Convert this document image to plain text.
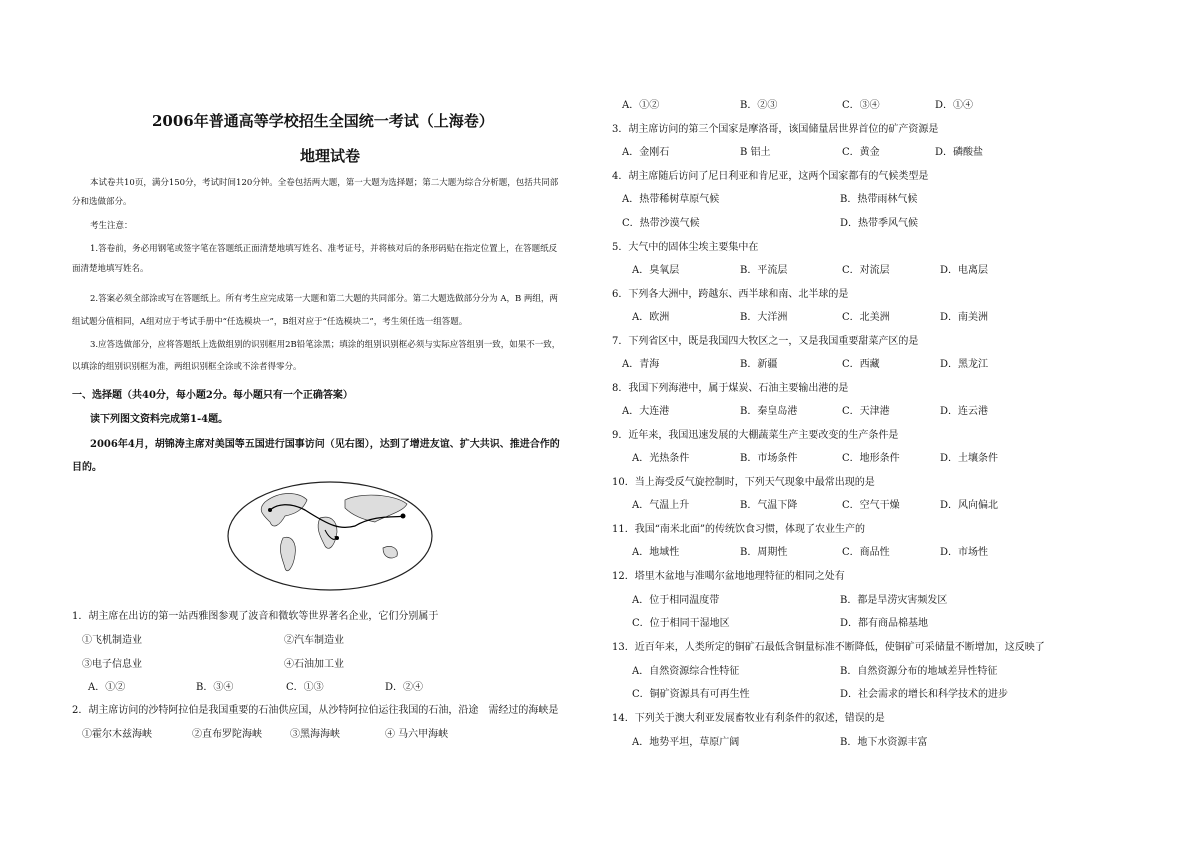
2006年普通高等学校招生全国统一考试（上海卷）
地理试卷
本试卷共10页，满分150分，考试时间120分钟。全卷包括两大题，第一大题为选择题；第二大题为综合分析题，包括共同部
分和选做部分。
考生注意：
1.答卷前，务必用钢笔或签字笔在答题纸正面清楚地填写姓名、准考证号，并将核对后的条形码贴在指定位置上，在答题纸反
面清楚地填写姓名。
2.答案必须全部涂或写在答题纸上。所有考生应完成第一大题和第二大题的共同部分。第二大题选做部分分为 A，B 两组，两
组试题分值相同，A组对应于考试手册中“任选模块一”，B组对应于“任选模块二”，考生须任选一组答题。
3.应答选做部分，应将答题纸上选做组别的识别框用2B铅笔涂黑；填涂的组别识别框必须与实际应答组别一致，如果不一致，
以填涂的组别识别框为准，两组识别框全涂或不涂者得零分。
一、选择题（共40分，每小题2分。每小题只有一个正确答案）
读下列图文资料完成第1-4题。
2006年4月，胡锦涛主席对美国等五国进行国事访问（见右图），达到了增进友谊、扩大共识、推进合作的
目的。
1．胡主席在出访的第一站西雅图参观了波音和微软等世界著名企业，它们分别属于
①飞机制造业	②汽车制造业
③电子信息业	④石油加工业
A．①②	B．③④	C．①③	D．②④
2．胡主席访问的沙特阿拉伯是我国重要的石油供应国，从沙特阿拉伯运往我国的石油，沿途　需经过的海峡是
①霍尔木兹海峡	②直布罗陀海峡	③黑海海峡	④ 马六甲海峡
A．①②	B．②③	C．③④	D．①④
3．胡主席访问的第三个国家是摩洛哥，该国储量居世界首位的矿产资源是
A．金刚石	B 铝土	C．黄金	D．磷酸盐
4．胡主席随后访问了尼日利亚和肯尼亚，这两个国家都有的气候类型是
A．热带稀树草原气候	B．热带雨林气候
C．热带沙漠气候	D．热带季风气候
5．大气中的固体尘埃主要集中在
A．臭氧层	B．平流层	C．对流层	D．电离层
6．下列各大洲中，跨越东、西半球和南、北半球的是
A．欧洲	B．大洋洲	C．北美洲	D．南美洲
7．下列省区中，既是我国四大牧区之一，又是我国重要甜菜产区的是
A．青海	B．新疆	C．西藏	D．黑龙江
8．我国下列海港中，属于煤炭、石油主要输出港的是
A．大连港	B．秦皇岛港	C．天津港	D．连云港
9．近年来，我国迅速发展的大棚蔬菜生产主要改变的生产条件是
A．光热条件	B．市场条件	C．地形条件	D．土壤条件
10．当上海受反气旋控制时，下列天气现象中最常出现的是
A．气温上升	B．气温下降	C．空气干燥	D．风向偏北
11．我国“南米北面”的传统饮食习惯，体现了农业生产的
A．地域性	B．周期性	C．商品性	D．市场性
12．塔里木盆地与准噶尔盆地地理特征的相同之处有
A．位于相同温度带	B．都是旱涝灾害频发区
C．位于相同干湿地区	D．都有商品棉基地
13．近百年来，人类所定的铜矿石最低含铜量标准不断降低，使铜矿可采储量不断增加，这反映了
A．自然资源综合性特征	B．自然资源分布的地域差异性特征
C．铜矿资源具有可再生性	D．社会需求的增长和科学技术的进步
14．下列关于澳大利亚发展畜牧业有利条件的叙述，错误的是
A．地势平坦，草原广阔	B．地下水资源丰富
